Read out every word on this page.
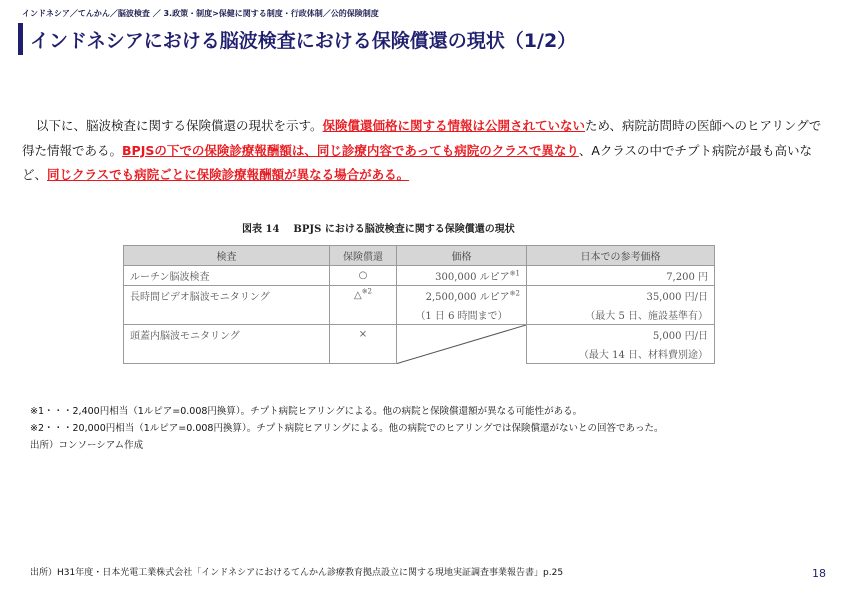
インドネシア／てんかん／脳波検査 ／ 3.政策・制度>保健に関する制度・行政体制／公的保険制度
インドネシアにおける脳波検査における保険償還の現状（1/2）
以下に、脳波検査に関する保険償還の現状を示す。保険償還価格に関する情報は公開されていないため、病院訪問時の医師へのヒアリングで得た情報である。BPJSの下での保険診療報酬額は、同じ診療内容であっても病院のクラスで異なり、Aクラスの中でチプト病院が最も高いなど、同じクラスでも病院ごとに保険診療報酬額が異なる場合がある。
図表 14 BPJS における脳波検査に関する保険償還の現状
検査	保険償還	価格	日本での参考価格
ルーチン脳波検査	○	300,000 ルピア$^{※1}$	7,200 円
長時間ビデオ脳波モニタリング	△$^{※2}$	2,500,000 ルピア$^{※2}$	35,000 円/日
		（1 日 6 時間まで）	（最大 5 日、施設基準有）
頭蓋内脳波モニタリング	×		5,000 円/日
			（最大 14 日、材料費別途）
※1・・・2,400円相当（1ルピア=0.008円換算）。チプト病院ヒアリングによる。他の病院と保険償還額が異なる可能性がある。
※2・・・20,000円相当（1ルピア=0.008円換算）。チプト病院ヒアリングによる。他の病院でのヒアリングでは保険償還がないとの回答であった。
出所）コンソーシアム作成
出所）H31年度・日本光電工業株式会社「インドネシアにおけるてんかん診療教育拠点設立に関する現地実証調査事業報告書」p.25	18
